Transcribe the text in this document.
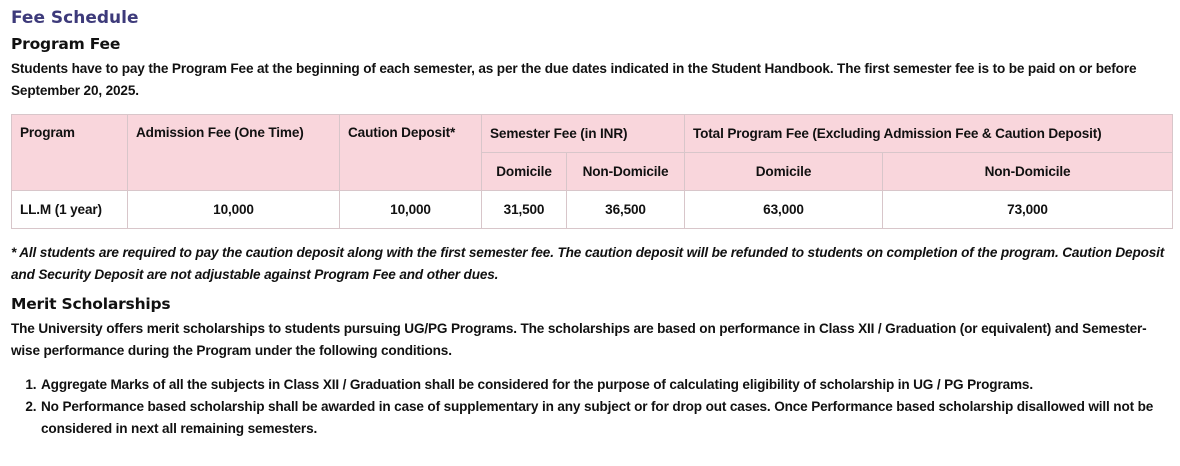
Fee Schedule
Program Fee

Students have to pay the Program Fee at the beginning of each semester, as per the due dates indicated in the Student Handbook. The first semester fee is to be paid on or before September 20, 2025.

Program	Admission Fee (One Time)	Caution Deposit*	Semester Fee (in INR)		Total Program Fee (Excluding Admission Fee & Caution Deposit)	
			Domicile	Non-Domicile	Domicile	Non-Domicile
LL.M (1 year)	10,000	10,000	31,500	36,500	63,000	73,000

* All students are required to pay the caution deposit along with the first semester fee. The caution deposit will be refunded to students on completion of the program. Caution Deposit and Security Deposit are not adjustable against Program Fee and other dues.

Merit Scholarships

The University offers merit scholarships to students pursuing UG/PG Programs. The scholarships are based on performance in Class XII / Graduation (or equivalent) and Semester-wise performance during the Program under the following conditions.

1. Aggregate Marks of all the subjects in Class XII / Graduation shall be considered for the purpose of calculating eligibility of scholarship in UG / PG Programs.
2. No Performance based scholarship shall be awarded in case of supplementary in any subject or for drop out cases. Once Performance based scholarship disallowed will not be considered in next all remaining semesters.
